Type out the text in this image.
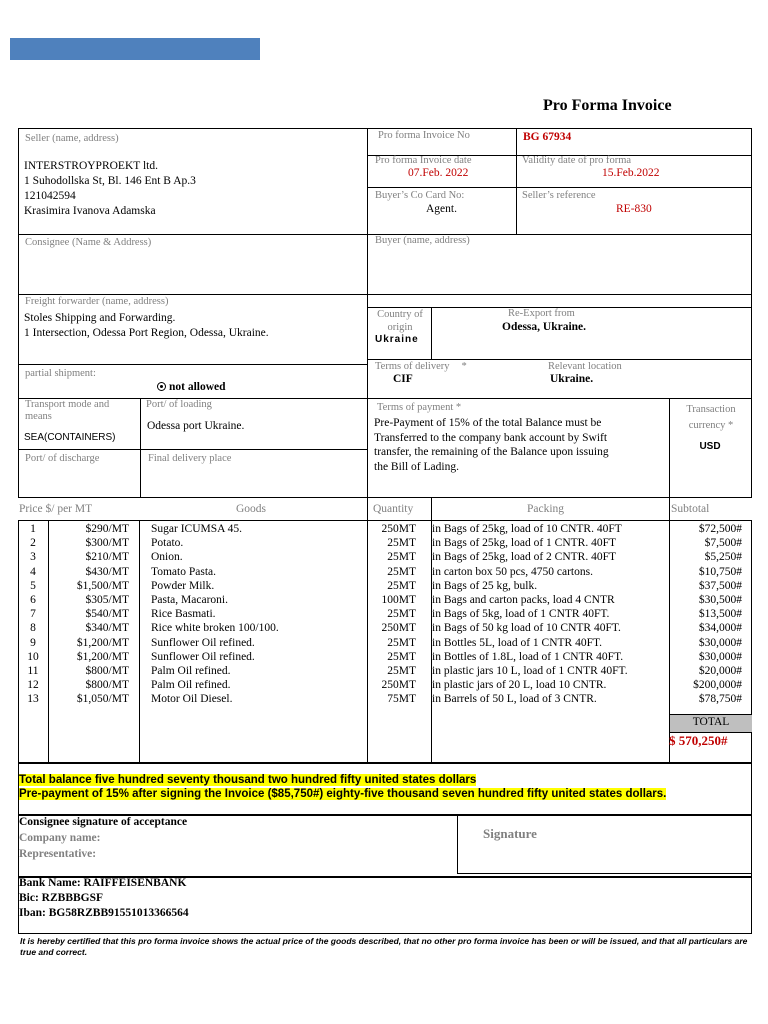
Pro Forma Invoice
Seller (name, address)
INTERSTROYPROEKT ltd.
1 Suhodollska St, Bl. 146 Ent B Ap.3
121042594
Krasimira Ivanova Adamska
Pro forma Invoice No	BG 67934
Pro forma Invoice date
07.Feb. 2022
Validity date of pro forma
15.Feb.2022
Buyer’s Co Card No:
Agent.
Seller’s reference
RE-830
Consignee (Name & Address)	Buyer (name, address)
Freight forwarder (name, address)
Stoles Shipping and Forwarding.
1 Intersection, Odessa Port Region, Odessa, Ukraine.
Country of origin
Ukraine
Re-Export from
Odessa, Ukraine.
partial shipment:
not allowed
Terms of delivery *
CIF
Relevant location
Ukraine.
Transport mode and means
SEA(CONTAINERS)
Port/ of loading
Odessa port Ukraine.
Port/ of discharge	Final delivery place
Terms of payment *
Pre-Payment of 15% of the total Balance must be
Transferred to the company bank account by Swift
transfer, the remaining of the Balance upon issuing
the Bill of Lading.
Transaction currency *
USD
Price $/ per MT	Goods	Quantity	Packing	Subtotal
TOTAL
$ 570,250#
1	$290/MT Sugar ICUMSA 45.	250MT in Bags of 25kg, load of 10 CNTR. 40FT	$72,500#
2	$300/MT Potato.	25MT in Bags of 25kg, load of 1 CNTR. 40FT	$7,500#
3	$210/MT Onion.	25MT in Bags of 25kg, load of 2 CNTR. 40FT	$5,250#
4	$430/MT Tomato Pasta.	25MT in carton box 50 pcs, 4750 cartons.	$10,750#
5	$1,500/MT Powder Milk.	25MT in Bags of 25 kg, bulk.	$37,500#
6	$305/MT Pasta, Macaroni.	100MT in Bags and carton packs, load 4 CNTR	$30,500#
7	$540/MT Rice Basmati.	25MT in Bags of 5kg, load of 1 CNTR 40FT.	$13,500#
8	$340/MT Rice white broken 100/100.	250MT in Bags of 50 kg load of 10 CNTR 40FT.	$34,000#
9	$1,200/MT Sunflower Oil refined.	25MT in Bottles 5L, load of 1 CNTR 40FT.	$30,000#
10	$1,200/MT Sunflower Oil refined.	25MT in Bottles of 1.8L, load of 1 CNTR 40FT.	$30,000#
11	$800/MT Palm Oil refined.	25MT in plastic jars 10 L, load of 1 CNTR 40FT.	$20,000#
12	$800/MT Palm Oil refined.	250MT in plastic jars of 20 L, load 10 CNTR.	$200,000#
13	$1,050/MT Motor Oil Diesel.	75MT in Barrels of 50 L, load of 3 CNTR.	$78,750#
Total balance five hundred seventy thousand two hundred fifty united states dollars
Pre-payment of 15% after signing the Invoice ($85,750#) eighty-five thousand seven hundred fifty united states dollars.
Consignee signature of acceptance
Company name:
Representative:
Signature
Bank Name: RAIFFEISENBANK
Bic: RZBBBGSF
Iban: BG58RZBB91551013366564
It is hereby certified that this pro forma invoice shows the actual price of the goods described, that no other pro forma invoice has been or will be issued, and that all particulars are true and correct.
